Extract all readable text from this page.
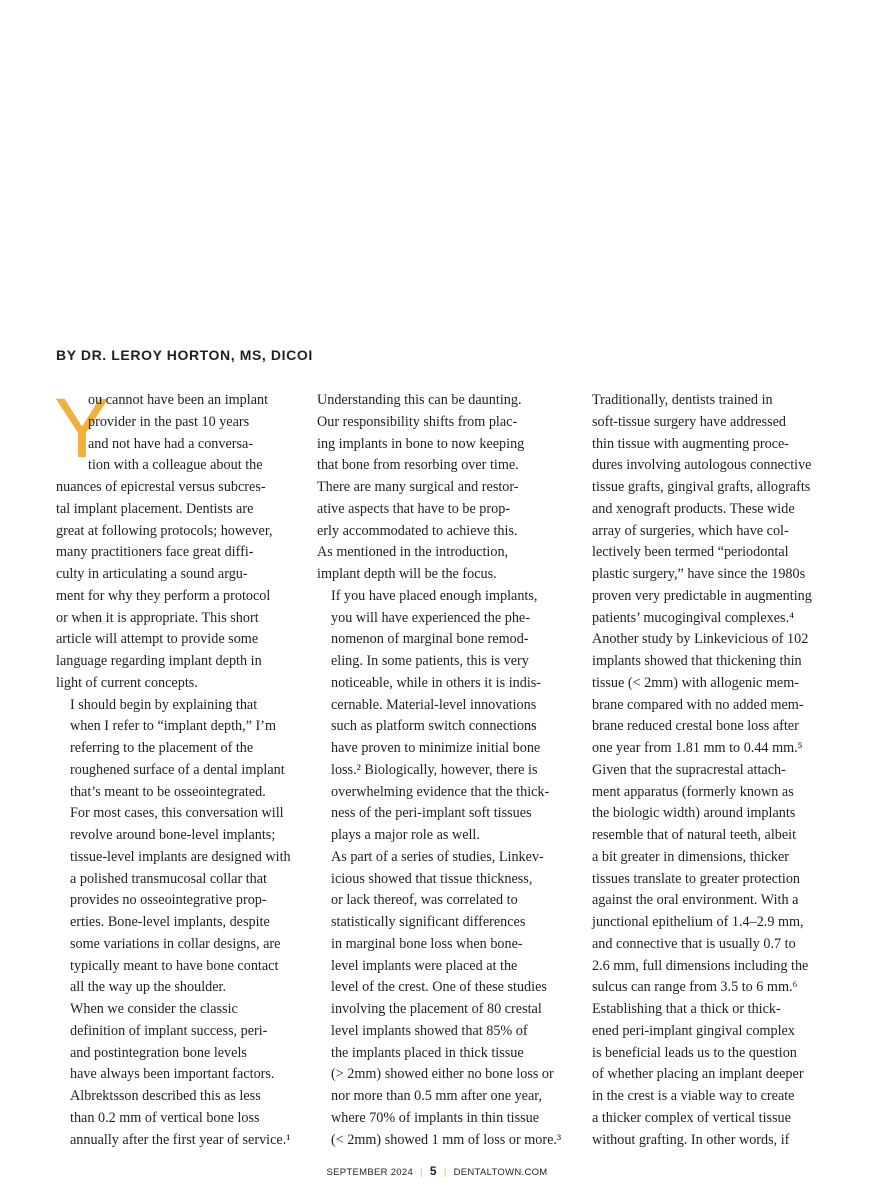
BY DR. LEROY HORTON, MS, DICOI
Y

ou cannot have been an implant
provider in the past 10 years
and not have had a conversa-
tion with a colleague about the
nuances of epicrestal versus subcres-
tal implant placement. Dentists are
great at following protocols; however,
many practitioners face great diffi-
culty in articulating a sound argu-
ment for why they perform a protocol
or when it is appropriate. This short
article will attempt to provide some
language regarding implant depth in
light of current concepts.

I should begin by explaining that
when I refer to “implant depth,” I’m
referring to the placement of the
roughened surface of a dental implant
that’s meant to be osseointegrated.
For most cases, this conversation will
revolve around bone-level implants;
tissue-level implants are designed with
a polished transmucosal collar that
provides no osseointegrative prop-
erties. Bone-level implants, despite
some variations in collar designs, are
typically meant to have bone contact
all the way up the shoulder.

When we consider the classic
definition of implant success, peri-
and postintegration bone levels
have always been important factors.
Albrektsson described this as less
than 0.2 mm of vertical bone loss
annually after the first year of service.¹

Understanding this can be daunting.
Our responsibility shifts from plac-
ing implants in bone to now keeping
that bone from resorbing over time.
There are many surgical and restor-
ative aspects that have to be prop-
erly accommodated to achieve this.
As mentioned in the introduction,
implant depth will be the focus.

If you have placed enough implants,
you will have experienced the phe-
nomenon of marginal bone remod-
eling. In some patients, this is very
noticeable, while in others it is indis-
cernable. Material-level innovations
such as platform switch connections
have proven to minimize initial bone
loss.² Biologically, however, there is
overwhelming evidence that the thick-
ness of the peri-implant soft tissues
plays a major role as well.

As part of a series of studies, Linkev-
icious showed that tissue thickness,
or lack thereof, was correlated to
statistically significant differences
in marginal bone loss when bone-
level implants were placed at the
level of the crest. One of these studies
involving the placement of 80 crestal
level implants showed that 85% of
the implants placed in thick tissue
(> 2mm) showed either no bone loss or
nor more than 0.5 mm after one year,
where 70% of implants in thin tissue
(< 2mm) showed 1 mm of loss or more.³

Traditionally, dentists trained in
soft-tissue surgery have addressed
thin tissue with augmenting proce-
dures involving autologous connective
tissue grafts, gingival grafts, allografts
and xenograft products. These wide
array of surgeries, which have col-
lectively been termed “periodontal
plastic surgery,” have since the 1980s
proven very predictable in augmenting
patients’ mucogingival complexes.⁴
Another study by Linkevicious of 102
implants showed that thickening thin
tissue (< 2mm) with allogenic mem-
brane compared with no added mem-
brane reduced crestal bone loss after
one year from 1.81 mm to 0.44 mm.⁵

Given that the supracrestal attach-
ment apparatus (formerly known as
the biologic width) around implants
resemble that of natural teeth, albeit
a bit greater in dimensions, thicker
tissues translate to greater protection
against the oral environment. With a
junctional epithelium of 1.4–2.9 mm,
and connective that is usually 0.7 to
2.6 mm, full dimensions including the
sulcus can range from 3.5 to 6 mm.⁶

Establishing that a thick or thick-
ened peri-implant gingival complex
is beneficial leads us to the question
of whether placing an implant deeper
in the crest is a viable way to create
a thicker complex of vertical tissue
without grafting. In other words, if

SEPTEMBER 2024 | 5 | DENTALTOWN.COM
